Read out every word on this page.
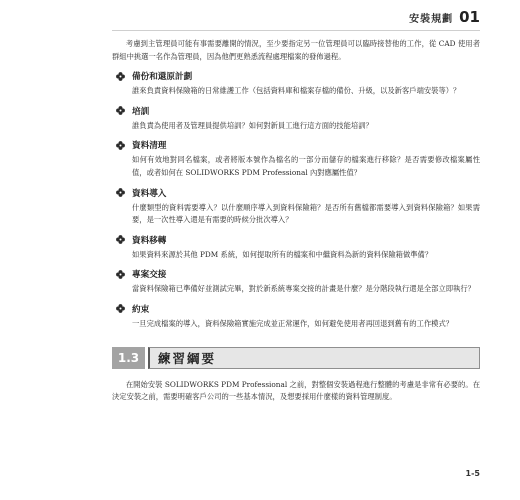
安裝規劃 01

考慮到主管理員可能有事需要離開的情況，至少要指定另一位管理員可以臨時接替他的工作，從 CAD 使用者群組中挑選一名作為管理員，因為他們更熟悉流程處理檔案的發佈過程。

備份和還原計劃

誰來負責資料保險箱的日常維護工作（包括資料庫和檔案存檔的備份、升級，以及新客戶端安裝等）？

培訓

誰負責為使用者及管理員提供培訓？如何對新員工進行這方面的技能培訓？

資料清理

如何有效地對同名檔案，或者將版本號作為檔名的一部分而儲存的檔案進行移除？是否需要修改檔案屬性值，或者如何在 SOLIDWORKS PDM Professional 內對應屬性值？

資料導入

什麼類型的資料需要導入？以什麼順序導入到資料保險箱？是否所有舊檔都需要導入到資料保險箱？如果需要，是一次性導入還是有需要的時候分批次導入？

資料移轉

如果資料來源於其他 PDM 系統，如何提取所有的檔案和中繼資料為新的資料保險箱做準備？

專案交接

當資料保險箱已準備好並測試完畢，對於新系統專案交接的計畫是什麼？是分階段執行還是全部立即執行？

約束

一旦完成檔案的導入，資料保險箱實施完成並正常運作，如何避免使用者再回退到舊有的工作模式？

1.3	練習綱要

在開始安裝 SOLIDWORKS PDM Professional 之前，對整個安裝過程進行整體的考慮是非常有必要的。在決定安裝之前，需要明確客戶公司的一些基本情況，及想要採用什麼樣的資料管理制度。

1-5
